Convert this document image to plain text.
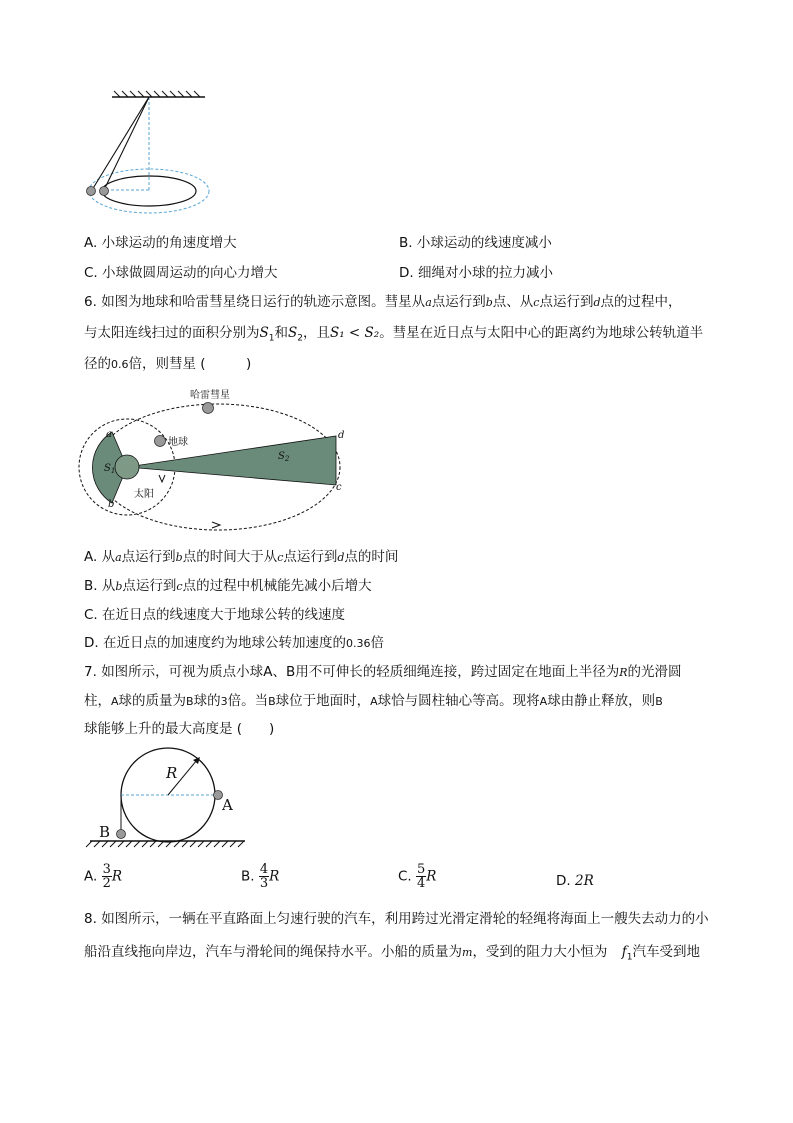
A. 小球运动的角速度增大	B. 小球运动的线速度减小
C. 小球做圆周运动的向心力增大	D. 细绳对小球的拉力减小
6. 如图为地球和哈雷彗星绕日运行的轨迹示意图。彗星从a点运行到b点、从c点运行到d点的过程中，
与太阳连线扫过的面积分别为$S_1$和$S_2$，且S₁ < S₂。彗星在近日点与太阳中心的距离约为地球公转轨道半
径的0.6倍，则彗星 (　　　)
哈雷彗星
地球
太阳
a
b
c
d
$S_1$
$S_2$
A. 从a点运行到b点的时间大于从c点运行到d点的时间
B. 从b点运行到c点的过程中机械能先减小后增大
C. 在近日点的线速度大于地球公转的线速度
D. 在近日点的加速度约为地球公转加速度的0.36倍
7. 如图所示，可视为质点小球A、B用不可伸长的轻质细绳连接，跨过固定在地面上半径为R的光滑圆
柱，A球的质量为B球的3倍。当B球位于地面时，A球恰与圆柱轴心等高。现将A球由静止释放，则B
球能够上升的最大高度是 (　　)
R
A
B
A. $\frac{3}{2}$ R	B. $\frac{4}{3}$ R	C. $\frac{5}{4}$ R	D. 2R
8. 如图所示，一辆在平直路面上匀速行驶的汽车，利用跨过光滑定滑轮的轻绳将海面上一艘失去动力的小
船沿直线拖向岸边，汽车与滑轮间的绳保持水平。小船的质量为m，受到的阻力大小恒为 $f_1$汽车受到地
